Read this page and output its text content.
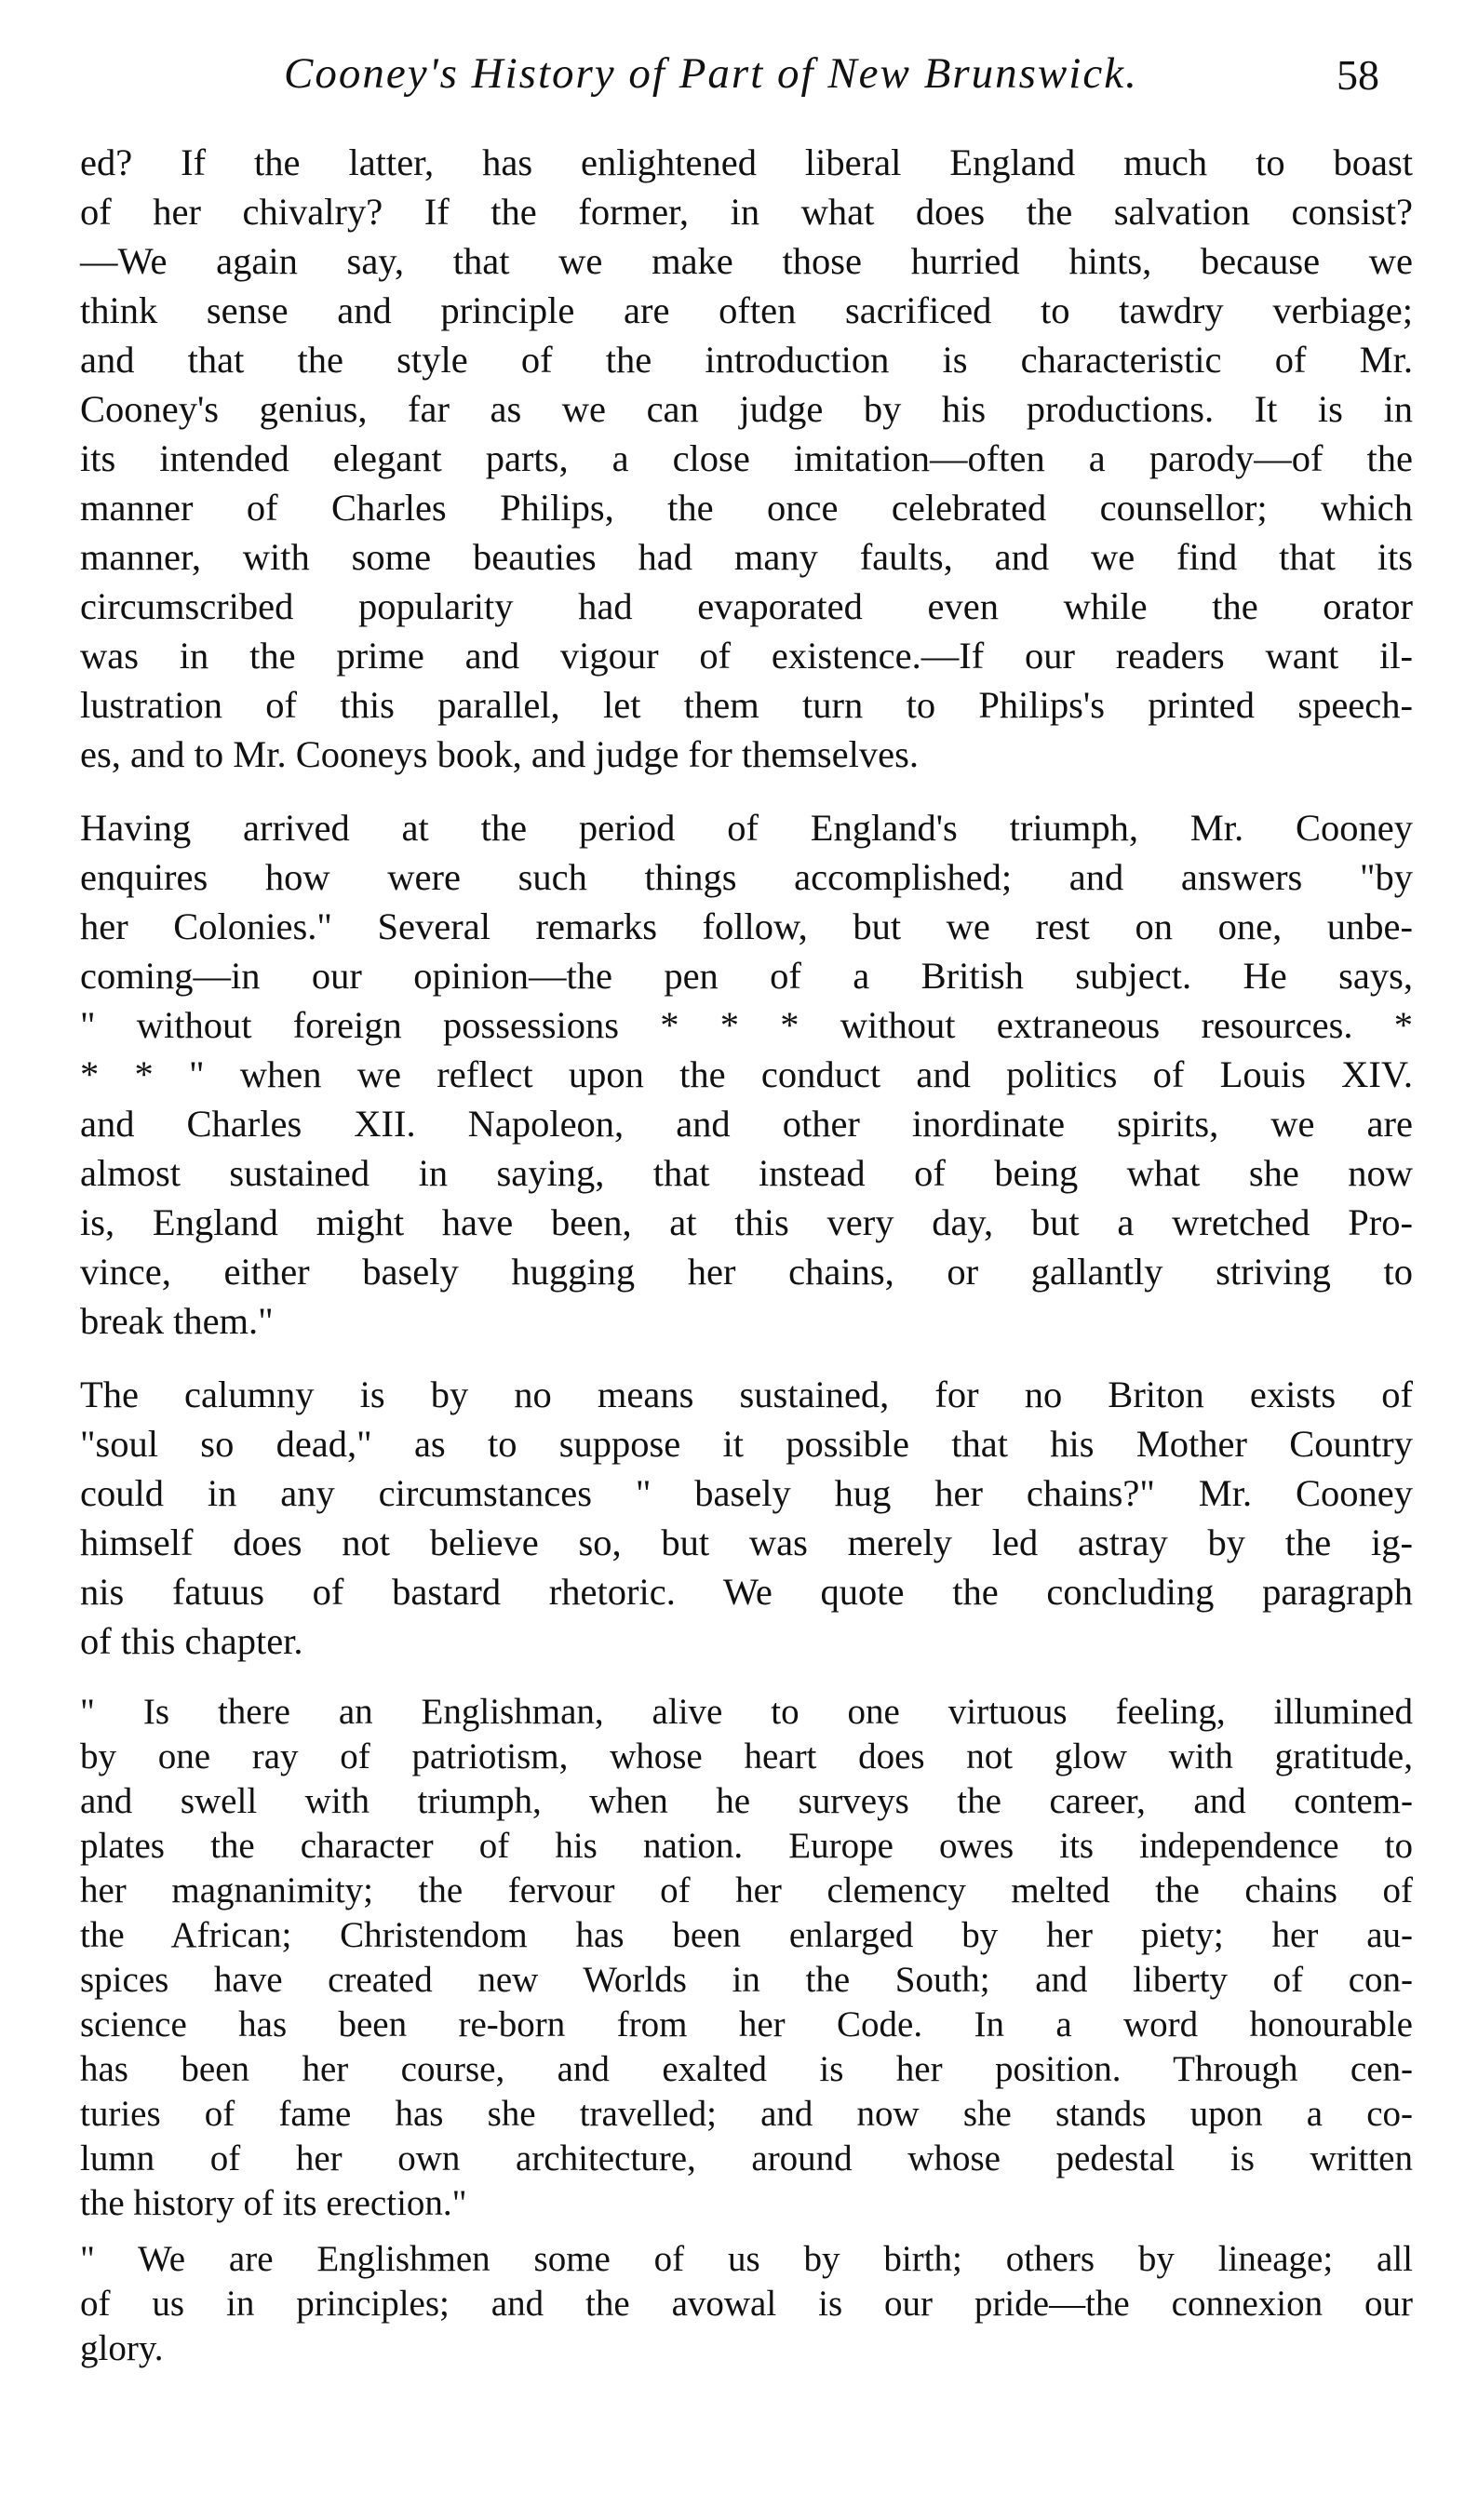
Cooney's History of Part of New Brunswick.	58

ed? If the latter, has enlightened liberal England much to boast
of her chivalry? If the former, in what does the salvation consist?
—We again say, that we make those hurried hints, because we
think sense and principle are often sacrificed to tawdry verbiage;
and that the style of the introduction is characteristic of Mr.
Cooney's genius, far as we can judge by his productions. It is in
its intended elegant parts, a close imitation—often a parody—of the
manner of Charles Philips, the once celebrated counsellor; which
manner, with some beauties had many faults, and we find that its
circumscribed popularity had evaporated even while the orator
was in the prime and vigour of existence.—If our readers want il-
lustration of this parallel, let them turn to Philips's printed speech-
es, and to Mr. Cooneys book, and judge for themselves.

Having arrived at the period of England's triumph, Mr. Cooney
enquires how were such things accomplished; and answers "by
her Colonies." Several remarks follow, but we rest on one, unbe-
coming—in our opinion—the pen of a British subject. He says,
" without foreign possessions * * * without extraneous resources. *
* * " when we reflect upon the conduct and politics of Louis XIV.
and Charles XII. Napoleon, and other inordinate spirits, we are
almost sustained in saying, that instead of being what she now
is, England might have been, at this very day, but a wretched Pro-
vince, either basely hugging her chains, or gallantly striving to
break them."

The calumny is by no means sustained, for no Briton exists of
"soul so dead," as to suppose it possible that his Mother Country
could in any circumstances " basely hug her chains?" Mr. Cooney
himself does not believe so, but was merely led astray by the ig-
nis fatuus of bastard rhetoric. We quote the concluding paragraph
of this chapter.

" Is there an Englishman, alive to one virtuous feeling, illumined
by one ray of patriotism, whose heart does not glow with gratitude,
and swell with triumph, when he surveys the career, and contem-
plates the character of his nation. Europe owes its independence to
her magnanimity; the fervour of her clemency melted the chains of
the African; Christendom has been enlarged by her piety; her au-
spices have created new Worlds in the South; and liberty of con-
science has been re-born from her Code. In a word honourable
has been her course, and exalted is her position. Through cen-
turies of fame has she travelled; and now she stands upon a co-
lumn of her own architecture, around whose pedestal is written
the history of its erection."

" We are Englishmen some of us by birth; others by lineage; all
of us in principles; and the avowal is our pride—the connexion our
glory.
